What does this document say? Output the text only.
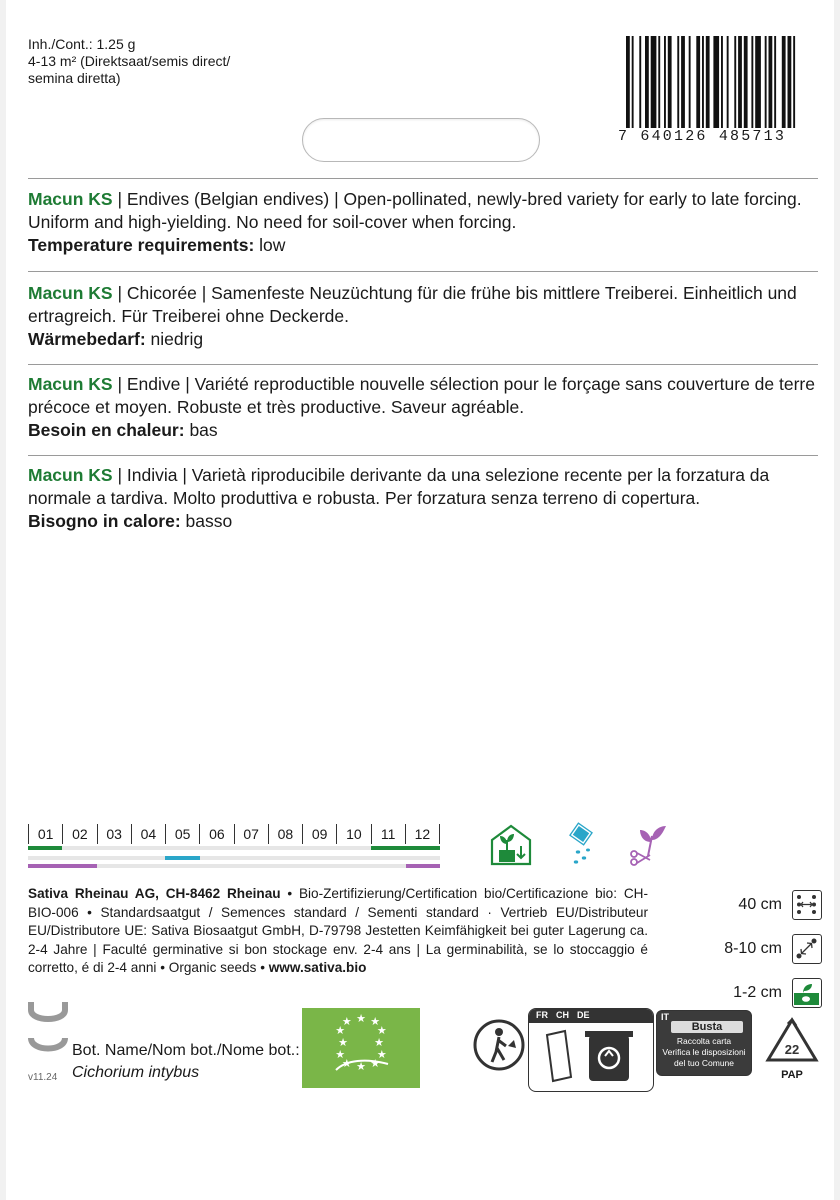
Inh./Cont.: 1.25 g
4-13 m² (Direktsaat/semis direct/
semina diretta)
7 640126 485713
Macun KS | Endives (Belgian endives) | Open-pollinated, newly-bred variety for early to late forcing. Uniform and high-yielding. No need for soil-cover when forcing.
Temperature requirements: low
Macun KS | Chicorée | Samenfeste Neuzüchtung für die frühe bis mittlere Treiberei. Einheitlich und ertragreich. Für Treiberei ohne Deckerde.
Wärmebedarf: niedrig
Macun KS | Endive | Variété reproductible nouvelle sélection pour le forçage sans couverture de terre précoce et moyen. Robuste et très productive. Saveur agréable.
Besoin en chaleur: bas
Macun KS | Indivia | Varietà riproducibile derivante da una selezione recente per la forzatura da normale a tardiva. Molto produttiva e robusta. Per forzatura senza terreno di copertura.
Bisogno in calore: basso
01	02	03	04	05	06	07	08	09	10	11	12
Sativa Rheinau AG, CH-8462 Rheinau • Bio-Zertifizierung/Certification bio/Certificazione bio: CH-BIO-006 • Standardsaatgut / Semences standard / Sementi standard · Vertrieb EU/Distributeur EU/Distributore UE: Sativa Biosaatgut GmbH, D-79798 Jestetten Keimfähigkeit bei guter Lagerung ca. 2-4 Jahre | Faculté germinative si bon stockage env. 2-4 ans | La germinabilità, se lo stoccaggio é corretto, é di 2-4 anni • Organic seeds • www.sativa.bio
40 cm
8-10 cm
1-2 cm
v11.24
Bot. Name/Nom bot./Nome bot.:
Cichorium intybus
★ ★
★
★
★
★
★
★
★
★
★
★
FR CH DE	IT
Busta
Raccolta carta
Verifica le disposizioni
del tuo Comune
22
PAP
